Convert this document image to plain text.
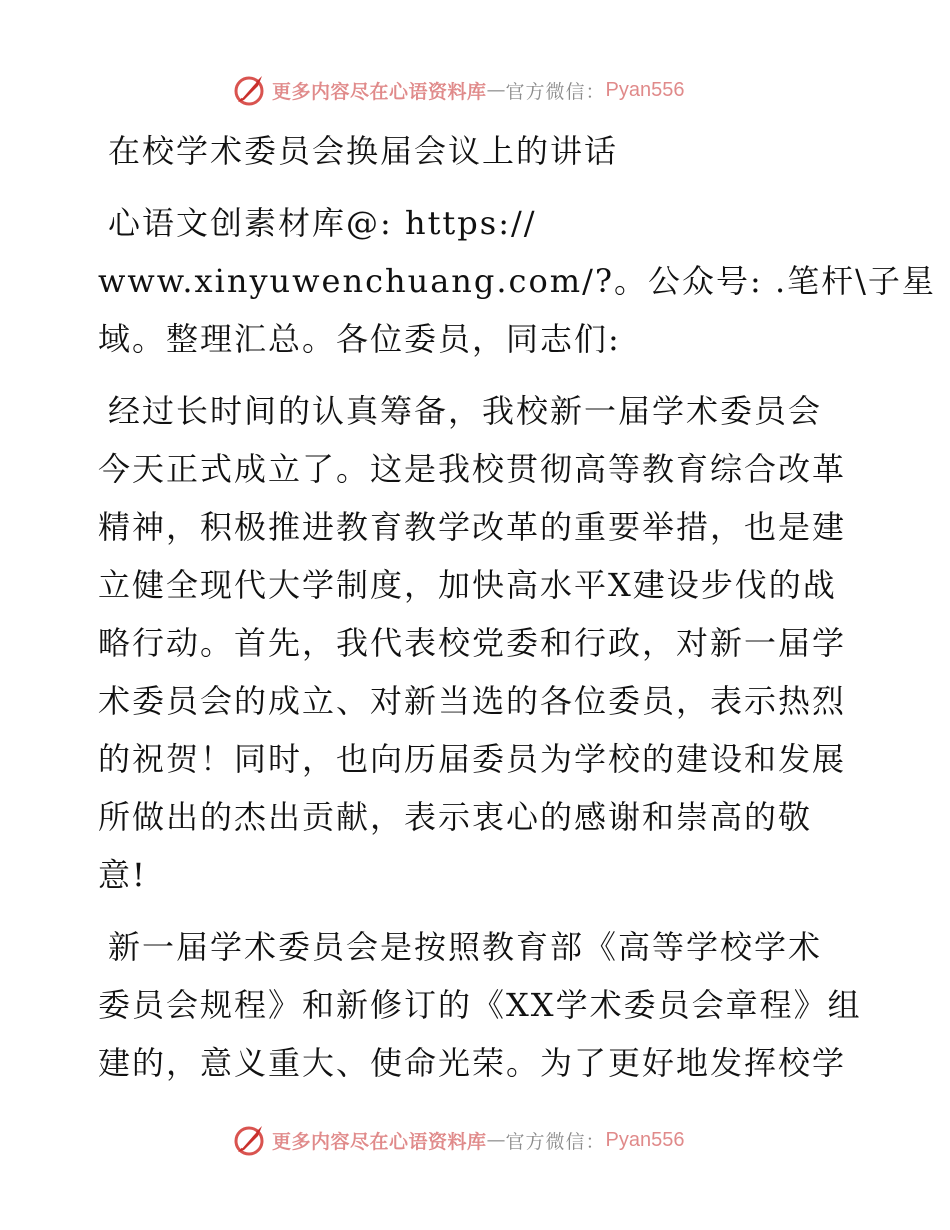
更多内容尽在心语资料库 — 官方微信： Pyan556
在校学术委员会换届会议上的讲话
心语文创素材库@: https://
www.xinyuwenchuang.com/?。公众号: .笔杆\子星
域。整理汇总。各位委员，同志们:
经过长时间的认真筹备，我校新一届学术委员会
今天正式成立了。这是我校贯彻高等教育综合改革
精神，积极推进教育教学改革的重要举措，也是建
立健全现代大学制度，加快高水平X建设步伐的战
略行动。首先，我代表校党委和行政，对新一届学
术委员会的成立、对新当选的各位委员，表示热烈
的祝贺！同时，也向历届委员为学校的建设和发展
所做出的杰出贡献，表示衷心的感谢和崇高的敬
意!
新一届学术委员会是按照教育部《高等学校学术
委员会规程》和新修订的《XX学术委员会章程》组
建的，意义重大、使命光荣。为了更好地发挥校学
更多内容尽在心语资料库 — 官方微信： Pyan556
